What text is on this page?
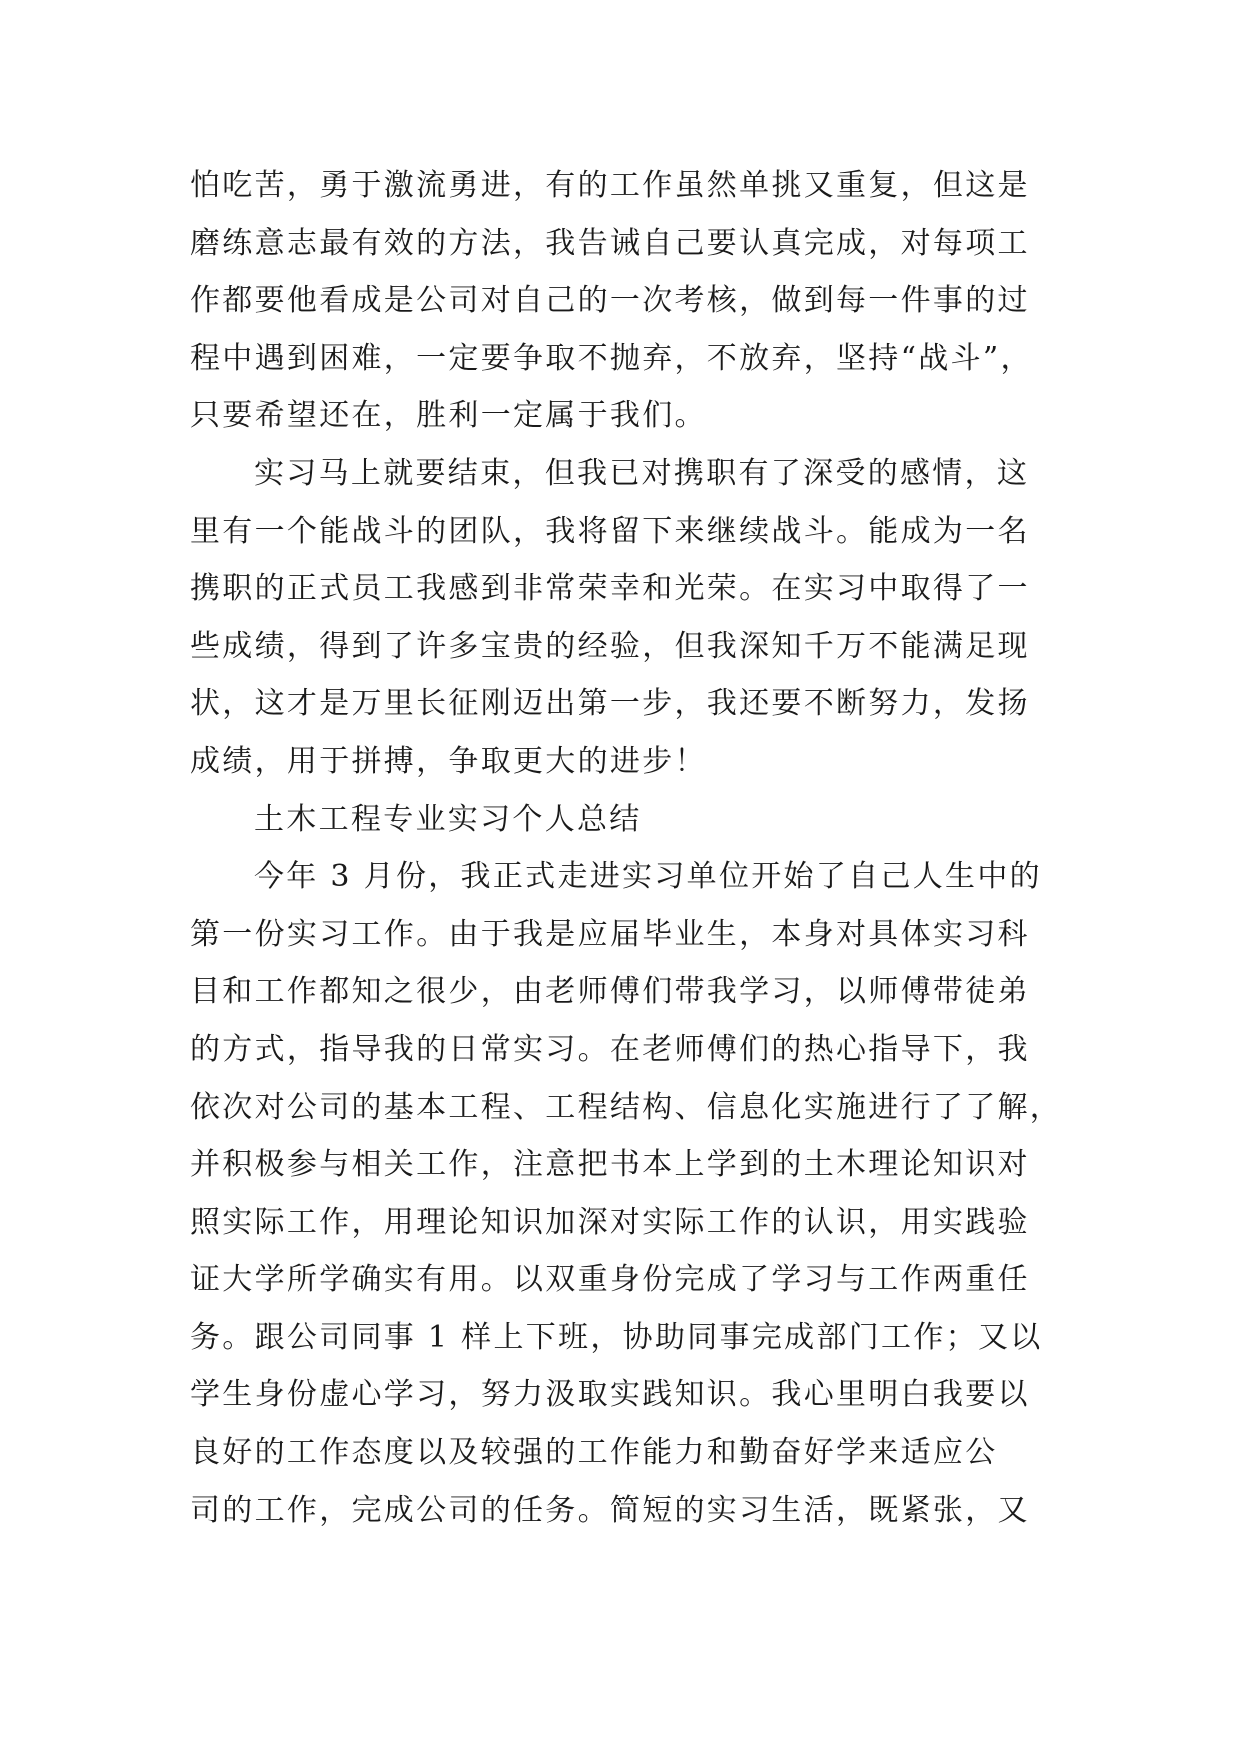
怕吃苦，勇于激流勇进，有的工作虽然单挑又重复，但这是
磨练意志最有效的方法，我告诫自己要认真完成，对每项工
作都要他看成是公司对自己的一次考核，做到每一件事的过
程中遇到困难，一定要争取不抛弃，不放弃，坚持“战斗”，
只要希望还在，胜利一定属于我们。
实习马上就要结束，但我已对携职有了深受的感情，这
里有一个能战斗的团队，我将留下来继续战斗。能成为一名
携职的正式员工我感到非常荣幸和光荣。在实习中取得了一
些成绩，得到了许多宝贵的经验，但我深知千万不能满足现
状，这才是万里长征刚迈出第一步，我还要不断努力，发扬
成绩，用于拼搏，争取更大的进步！
土木工程专业实习个人总结
今年 3 月份，我正式走进实习单位开始了自己人生中的
第一份实习工作。由于我是应届毕业生，本身对具体实习科
目和工作都知之很少，由老师傅们带我学习，以师傅带徒弟
的方式，指导我的日常实习。在老师傅们的热心指导下，我
依次对公司的基本工程、工程结构、信息化实施进行了了解，
并积极参与相关工作，注意把书本上学到的土木理论知识对
照实际工作，用理论知识加深对实际工作的认识，用实践验
证大学所学确实有用。以双重身份完成了学习与工作两重任
务。跟公司同事 1 样上下班，协助同事完成部门工作；又以
学生身份虚心学习，努力汲取实践知识。我心里明白我要以
良好的工作态度以及较强的工作能力和勤奋好学来适应公
司的工作，完成公司的任务。简短的实习生活，既紧张，又
